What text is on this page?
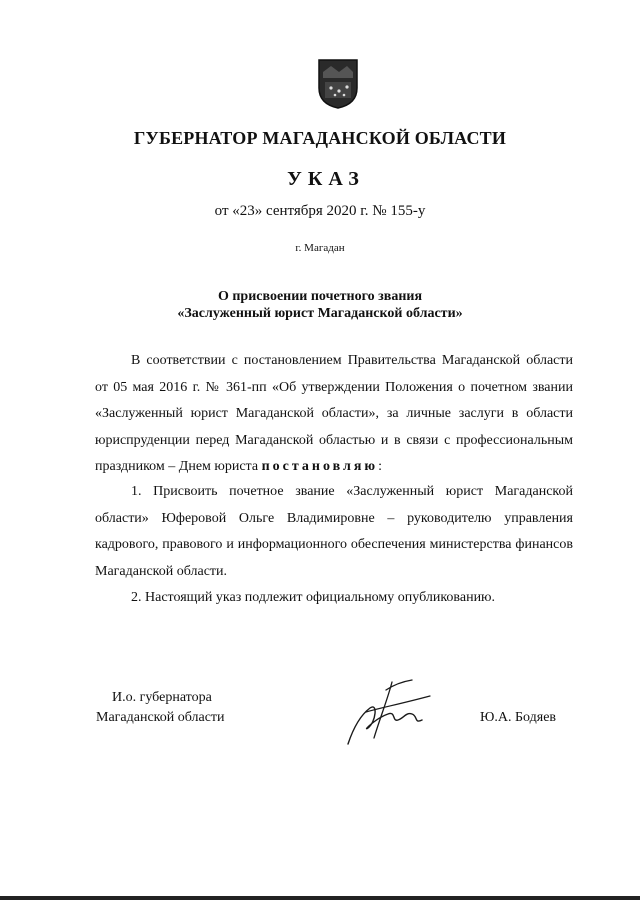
ГУБЕРНАТОР МАГАДАНСКОЙ ОБЛАСТИ
УКАЗ
от «23» сентября 2020 г. № 155-у
г. Магадан
О присвоении почетного звания
«Заслуженный юрист Магаданской области»

В соответствии с постановлением Правительства Магаданской области от 05 мая 2016 г. № 361-пп «Об утверждении Положения о почетном звании «Заслуженный юрист Магаданской области», за личные заслуги в области юриспруденции перед Магаданской областью и в связи с профессиональным праздником – Днем юриста постановляю:

1. Присвоить почетное звание «Заслуженный юрист Магаданской области» Юферовой Ольге Владимировне – руководителю управления кадрового, правового и информационного обеспечения министерства финансов Магаданской области.

2. Настоящий указ подлежит официальному опубликованию.

И.о. губернатора
Магаданской области	Ю.А. Бодяев
